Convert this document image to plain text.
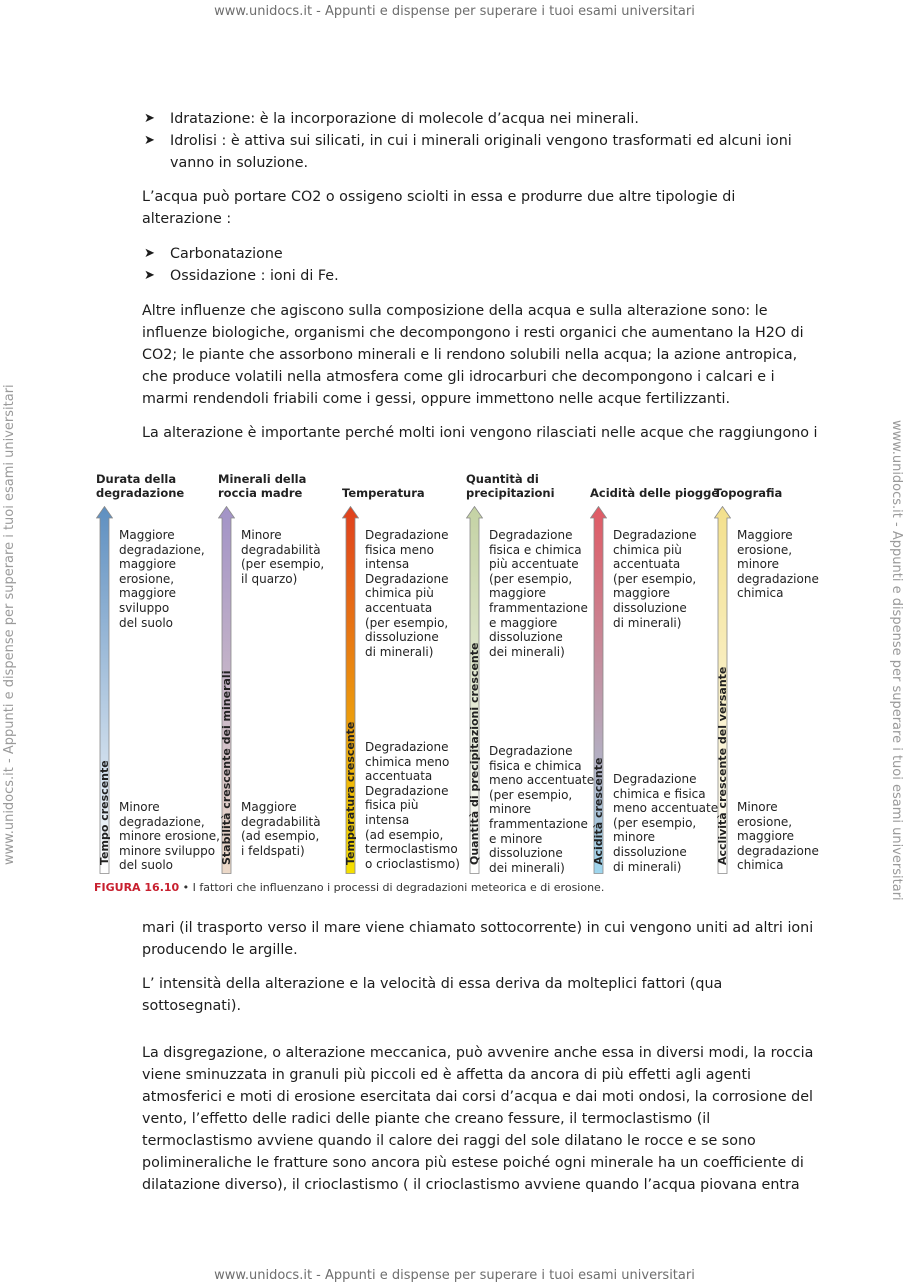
www.unidocs.it - Appunti e dispense per superare i tuoi esami universitari
www.unidocs.it - Appunti e dispense per superare i tuoi esami universitari
www.unidocs.it - Appunti e dispense per superare i tuoi esami universitari	www.unidocs.it - Appunti e dispense per superare i tuoi esami universitari
➤ Idratazione: è la incorporazione di molecole d’acqua nei minerali.
➤ Idrolisi : è attiva sui silicati, in cui i minerali originali vengono trasformati ed alcuni ioni
vanno in soluzione.
L’acqua può portare CO2 o ossigeno sciolti in essa e produrre due altre tipologie di
alterazione :
➤ Carbonatazione
➤ Ossidazione : ioni di Fe.
Altre influenze che agiscono sulla composizione della acqua e sulla alterazione sono: le
influenze biologiche, organismi che decompongono i resti organici che aumentano la H2O di
CO2; le piante che assorbono minerali e li rendono solubili nella acqua; la azione antropica,
che produce volatili nella atmosfera come gli idrocarburi che decompongono i calcari e i
marmi rendendoli friabili come i gessi, oppure immettono nelle acque fertilizzanti.
La alterazione è importante perché molti ioni vengono rilasciati nelle acque che raggiungono i
FIGURA 16.10 • I fattori che influenzano i processi di degradazioni meteorica e di erosione.
Durata della
degradazione
Tempo crescente
Maggiore
degradazione,
maggiore
erosione,
maggiore
sviluppo
del suolo
Minore
degradazione,
minore erosione,
minore sviluppo
del suolo
Minerali della
roccia madre
Stabilità crescente dei minerali
Minore
degradabilità
(per esempio,
il quarzo)
Maggiore
degradabilità
(ad esempio,
i feldspati)
Temperatura
Temperatura crescente
Degradazione
fisica meno
intensa
Degradazione
chimica più
accentuata
(per esempio,
dissoluzione
di minerali)
Degradazione
chimica meno
accentuata
Degradazione
fisica più
intensa
(ad esempio,
termoclastismo
o crioclastismo)
Quantità di
precipitazioni
Quantità di precipitazioni crescente
Degradazione
fisica e chimica
più accentuate
(per esempio,
maggiore
frammentazione
e maggiore
dissoluzione
dei minerali)
Degradazione
fisica e chimica
meno accentuate
(per esempio,
minore
frammentazione
e minore
dissoluzione
dei minerali)
Acidità delle piogge
Acidità crescente
Degradazione
chimica più
accentuata
(per esempio,
maggiore
dissoluzione
di minerali)
Degradazione
chimica e fisica
meno accentuate
(per esempio,
minore
dissoluzione
di minerali)
Topografia
Acclività crescente del versante
Maggiore
erosione,
minore
degradazione
chimica
Minore
erosione,
maggiore
degradazione
chimica
mari (il trasporto verso il mare viene chiamato sottocorrente) in cui vengono uniti ad altri ioni
producendo le argille.
L’ intensità della alterazione e la velocità di essa deriva da molteplici fattori (qua sottosegnati).
La disgregazione, o alterazione meccanica, può avvenire anche essa in diversi modi, la roccia
viene sminuzzata in granuli più piccoli ed è affetta da ancora di più effetti agli agenti
atmosferici e moti di erosione esercitata dai corsi d’acqua e dai moti ondosi, la corrosione del
vento, l’effetto delle radici delle piante che creano fessure, il termoclastismo (il
termoclastismo avviene quando il calore dei raggi del sole dilatano le rocce e se sono
polimineraliche le fratture sono ancora più estese poiché ogni minerale ha un coefficiente di
dilatazione diverso), il crioclastismo ( il crioclastismo avviene quando l’acqua piovana entra
